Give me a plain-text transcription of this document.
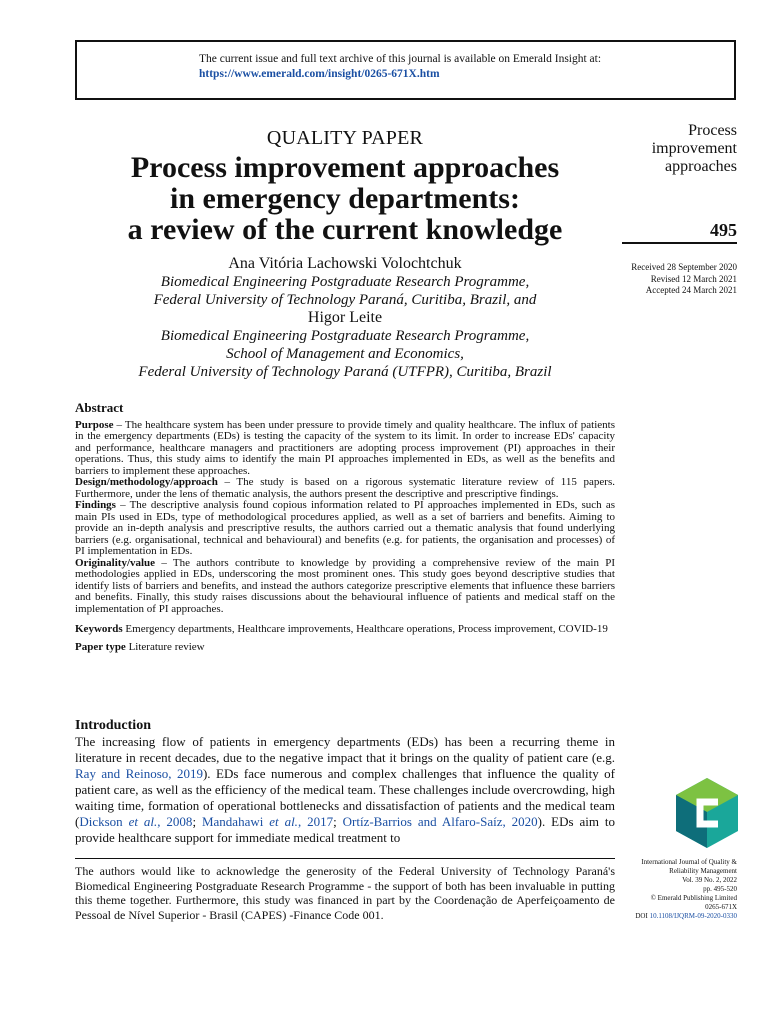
The current issue and full text archive of this journal is available on Emerald Insight at:
https://www.emerald.com/insight/0265-671X.htm
QUALITY PAPER
Process improvement approaches
in emergency departments:
a review of the current knowledge
Process
improvement
approaches
495
Received 28 September 2020
Revised 12 March 2021
Accepted 24 March 2021
Ana Vitória Lachowski Volochtchuk
Biomedical Engineering Postgraduate Research Programme,
Federal University of Technology Paraná, Curitiba, Brazil, and
Higor Leite
Biomedical Engineering Postgraduate Research Programme,
School of Management and Economics,
Federal University of Technology Paraná (UTFPR), Curitiba, Brazil
Abstract

Purpose – The healthcare system has been under pressure to provide timely and quality healthcare. The influx of patients in the emergency departments (EDs) is testing the capacity of the system to its limit. In order to increase EDs' capacity and performance, healthcare managers and practitioners are adopting process improvement (PI) approaches in their operations. Thus, this study aims to identify the main PI approaches implemented in EDs, as well as the benefits and barriers to implement these approaches.

Design/methodology/approach – The study is based on a rigorous systematic literature review of 115 papers. Furthermore, under the lens of thematic analysis, the authors present the descriptive and prescriptive findings.

Findings – The descriptive analysis found copious information related to PI approaches implemented in EDs, such as main PIs used in EDs, type of methodological procedures applied, as well as a set of barriers and benefits. Aiming to provide an in-depth analysis and prescriptive results, the authors carried out a thematic analysis that found underlying barriers (e.g. organisational, technical and behavioural) and benefits (e.g. for patients, the organisation and processes) of PI implementation in EDs.

Originality/value – The authors contribute to knowledge by providing a comprehensive review of the main PI methodologies applied in EDs, underscoring the most prominent ones. This study goes beyond descriptive studies that identify lists of barriers and benefits, and instead the authors categorize prescriptive elements that influence these barriers and benefits. Finally, this study raises discussions about the behavioural influence of patients and medical staff on the implementation of PI approaches.

Keywords Emergency departments, Healthcare improvements, Healthcare operations, Process improvement, COVID-19

Paper type Literature review

Introduction

The increasing flow of patients in emergency departments (EDs) has been a recurring theme in literature in recent decades, due to the negative impact that it brings on the quality of patient care (e.g. Ray and Reinoso, 2019). EDs face numerous and complex challenges that influence the quality of patient care, as well as the efficiency of the medical team. These challenges include overcrowding, high waiting time, formation of operational bottlenecks and dissatisfaction of patients and the medical team (Dickson et al., 2008; Mandahawi et al., 2017; Ortíz-Barrios and Alfaro-Saíz, 2020). EDs aim to provide healthcare support for immediate medical treatment to

The authors would like to acknowledge the generosity of the Federal University of Technology Paraná's Biomedical Engineering Postgraduate Research Programme - the support of both has been invaluable in putting this theme together. Furthermore, this study was financed in part by the Coordenação de Aperfeiçoamento de Pessoal de Nível Superior - Brasil (CAPES) -Finance Code 001.
International Journal of Quality &
Reliability Management
Vol. 39 No. 2, 2022
pp. 495-520
© Emerald Publishing Limited
0265-671X
DOI 10.1108/IJQRM-09-2020-0330
